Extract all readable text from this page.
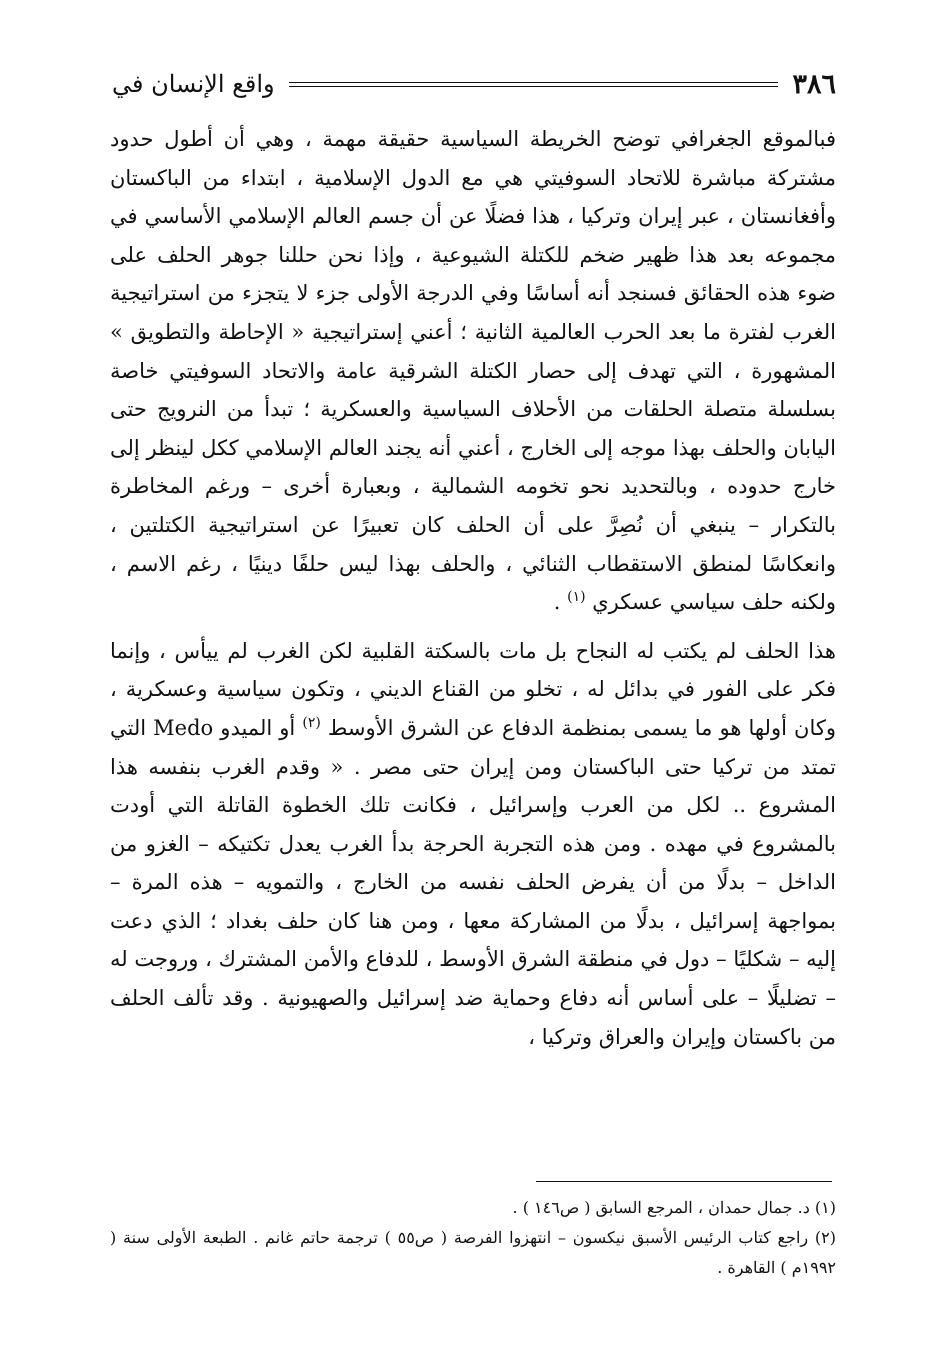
٣٨٦
واقع الإنسان في

فبالموقع الجغرافي توضح الخريطة السياسية حقيقة مهمة ، وهي أن أطول حدود مشتركة مباشرة للاتحاد السوفيتي هي مع الدول الإسلامية ، ابتداء من الباكستان وأفغانستان ، عبر إيران وتركيا ، هذا فضلًا عن أن جسم العالم الإسلامي الأساسي في مجموعه بعد هذا ظهير ضخم للكتلة الشيوعية ، وإذا نحن حللنا جوهر الحلف على ضوء هذه الحقائق فسنجد أنه أساسًا وفي الدرجة الأولى جزء لا يتجزء من استراتيجية الغرب لفترة ما بعد الحرب العالمية الثانية ؛ أعني إستراتيجية « الإحاطة والتطويق » المشهورة ، التي تهدف إلى حصار الكتلة الشرقية عامة والاتحاد السوفيتي خاصة بسلسلة متصلة الحلقات من الأحلاف السياسية والعسكرية ؛ تبدأ من النرويج حتى اليابان والحلف بهذا موجه إلى الخارج ، أعني أنه يجند العالم الإسلامي ككل لينظر إلى خارج حدوده ، وبالتحديد نحو تخومه الشمالية ، وبعبارة أخرى – ورغم المخاطرة بالتكرار – ينبغي أن نُصِرَّ على أن الحلف كان تعبيرًا عن استراتيجية الكتلتين ، وانعكاسًا لمنطق الاستقطاب الثنائي ، والحلف بهذا ليس حلفًا دينيًا ، رغم الاسم ، ولكنه حلف سياسي عسكري $^{(١)}$ .

هذا الحلف لم يكتب له النجاح بل مات بالسكتة القلبية لكن الغرب لم ييأس ، وإنما فكر على الفور في بدائل له ، تخلو من القناع الديني ، وتكون سياسية وعسكرية ، وكان أولها هو ما يسمى بمنظمة الدفاع عن الشرق الأوسط $^{(٢)}$ أو الميدو Medo التي تمتد من تركيا حتى الباكستان ومن إيران حتى مصر . « وقدم الغرب بنفسه هذا المشروع .. لكل من العرب وإسرائيل ، فكانت تلك الخطوة القاتلة التي أودت بالمشروع في مهده . ومن هذه التجربة الحرجة بدأ الغرب يعدل تكتيكه – الغزو من الداخل – بدلًا من أن يفرض الحلف نفسه من الخارج ، والتمويه – هذه المرة – بمواجهة إسرائيل ، بدلًا من المشاركة معها ، ومن هنا كان حلف بغداد ؛ الذي دعت إليه – شكليًا – دول في منطقة الشرق الأوسط ، للدفاع والأمن المشترك ، وروجت له – تضليلًا – على أساس أنه دفاع وحماية ضد إسرائيل والصهيونية . وقد تألف الحلف من باكستان وإيران والعراق وتركيا ،

(١) د. جمال حمدان ، المرجع السابق ( ص١٤٦ ) .

(٢) راجع كتاب الرئيس الأسبق نيكسون – انتهزوا الفرصة ( ص٥٥ ) ترجمة حاتم غانم . الطبعة الأولى سنة ( ١٩٩٢م ) القاهرة .
